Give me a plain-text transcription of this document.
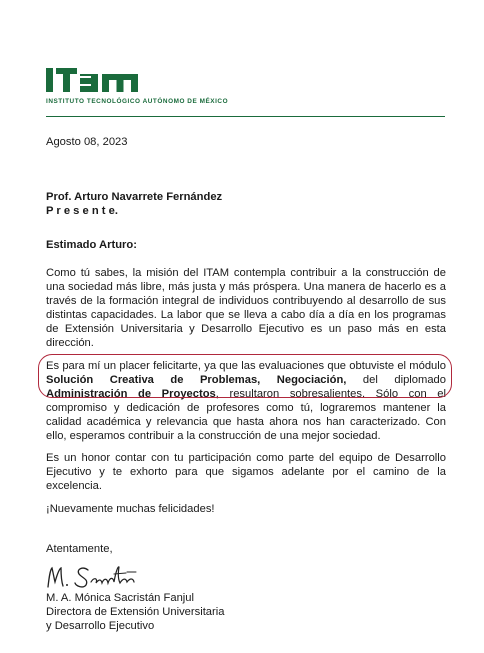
INSTITUTO TECNOLÓGICO AUTÓNOMO DE MÉXICO
Agosto 08, 2023
Prof. Arturo Navarrete Fernández
P r e s e n t e.
Estimado Arturo:
Como tú sabes, la misión del ITAM contempla contribuir a la construcción de una sociedad más libre, más justa y más próspera. Una manera de hacerlo es a través de la formación integral de individuos contribuyendo al desarrollo de sus distintas capacidades. La labor que se lleva a cabo día a día en los programas de Extensión Universitaria y Desarrollo Ejecutivo es un paso más en esta dirección.
Es para mí un placer felicitarte, ya que las evaluaciones que obtuviste el módulo Solución Creativa de Problemas, Negociación, del diplomado Administración de Proyectos, resultaron sobresalientes. Sólo con el compromiso y dedicación de profesores como tú, lograremos mantener la calidad académica y relevancia que hasta ahora nos han caracterizado. Con ello, esperamos contribuir a la construcción de una mejor sociedad.
Es un honor contar con tu participación como parte del equipo de Desarrollo Ejecutivo y te exhorto para que sigamos adelante por el camino de la excelencia.
¡Nuevamente muchas felicidades!
Atentamente,
M. A. Mónica Sacristán Fanjul
Directora de Extensión Universitaria
y Desarrollo Ejecutivo
